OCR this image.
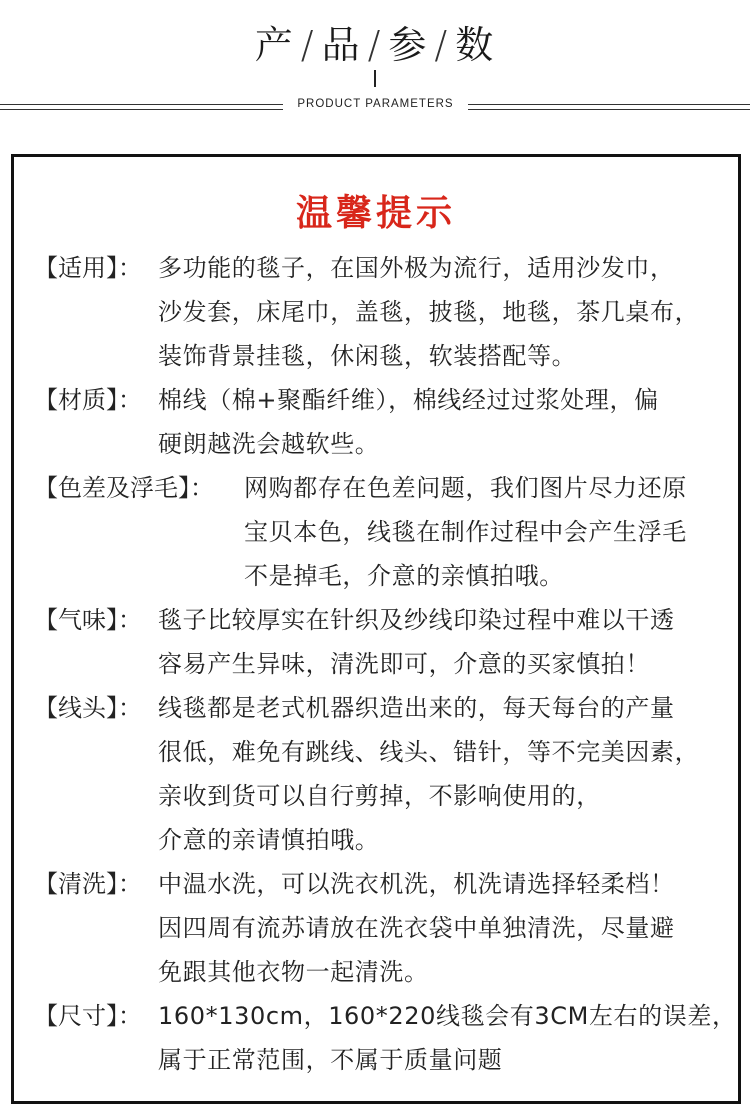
产 / 品 / 参 / 数
PRODUCT PARAMETERS
温馨提示
【适用】： 多功能的毯子，在国外极为流行，适用沙发巾，
沙发套，床尾巾，盖毯，披毯，地毯，茶几桌布，
装饰背景挂毯，休闲毯，软装搭配等。
【材质】： 棉线（棉+聚酯纤维），棉线经过过浆处理，偏
硬朗越洗会越软些。
【色差及浮毛】： 网购都存在色差问题，我们图片尽力还原
宝贝本色，线毯在制作过程中会产生浮毛
不是掉毛，介意的亲慎拍哦。
【气味】： 毯子比较厚实在针织及纱线印染过程中难以干透
容易产生异味，清洗即可，介意的买家慎拍！
【线头】： 线毯都是老式机器织造出来的，每天每台的产量
很低，难免有跳线、线头、错针，等不完美因素，
亲收到货可以自行剪掉，不影响使用的，
介意的亲请慎拍哦。
【清洗】： 中温水洗，可以洗衣机洗，机洗请选择轻柔档！
因四周有流苏请放在洗衣袋中单独清洗，尽量避
免跟其他衣物一起清洗。
【尺寸】： 160*130cm，160*220线毯会有3CM左右的误差，
属于正常范围，不属于质量问题
